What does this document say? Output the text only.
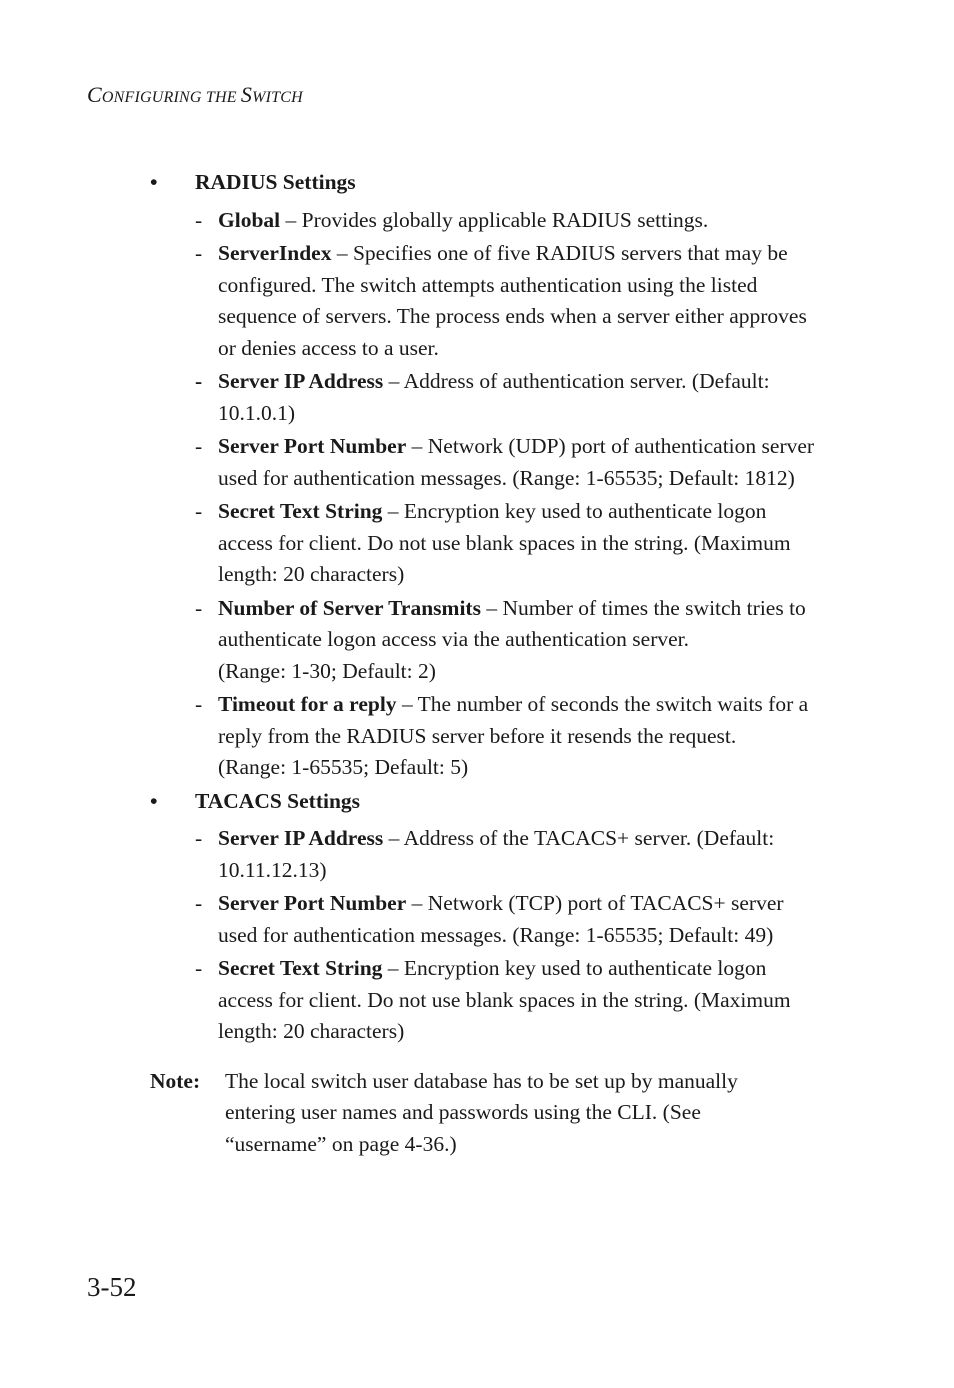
CONFIGURING THE SWITCH
• RADIUS Settings
- Global – Provides globally applicable RADIUS settings.
- ServerIndex – Specifies one of five RADIUS servers that may be
configured. The switch attempts authentication using the listed
sequence of servers. The process ends when a server either approves
or denies access to a user.
- Server IP Address – Address of authentication server. (Default:
10.1.0.1)
- Server Port Number – Network (UDP) port of authentication server
used for authentication messages. (Range: 1-65535; Default: 1812)
- Secret Text String – Encryption key used to authenticate logon
access for client. Do not use blank spaces in the string. (Maximum
length: 20 characters)
- Number of Server Transmits – Number of times the switch tries to
authenticate logon access via the authentication server.
(Range: 1-30; Default: 2)
- Timeout for a reply – The number of seconds the switch waits for a
reply from the RADIUS server before it resends the request.
(Range: 1-65535; Default: 5)
• TACACS Settings
- Server IP Address – Address of the TACACS+ server. (Default:
10.11.12.13)
- Server Port Number – Network (TCP) port of TACACS+ server
used for authentication messages. (Range: 1-65535; Default: 49)
- Secret Text String – Encryption key used to authenticate logon
access for client. Do not use blank spaces in the string. (Maximum
length: 20 characters)
Note: The local switch user database has to be set up by manually
entering user names and passwords using the CLI. (See
“username” on page 4-36.)
3-52
